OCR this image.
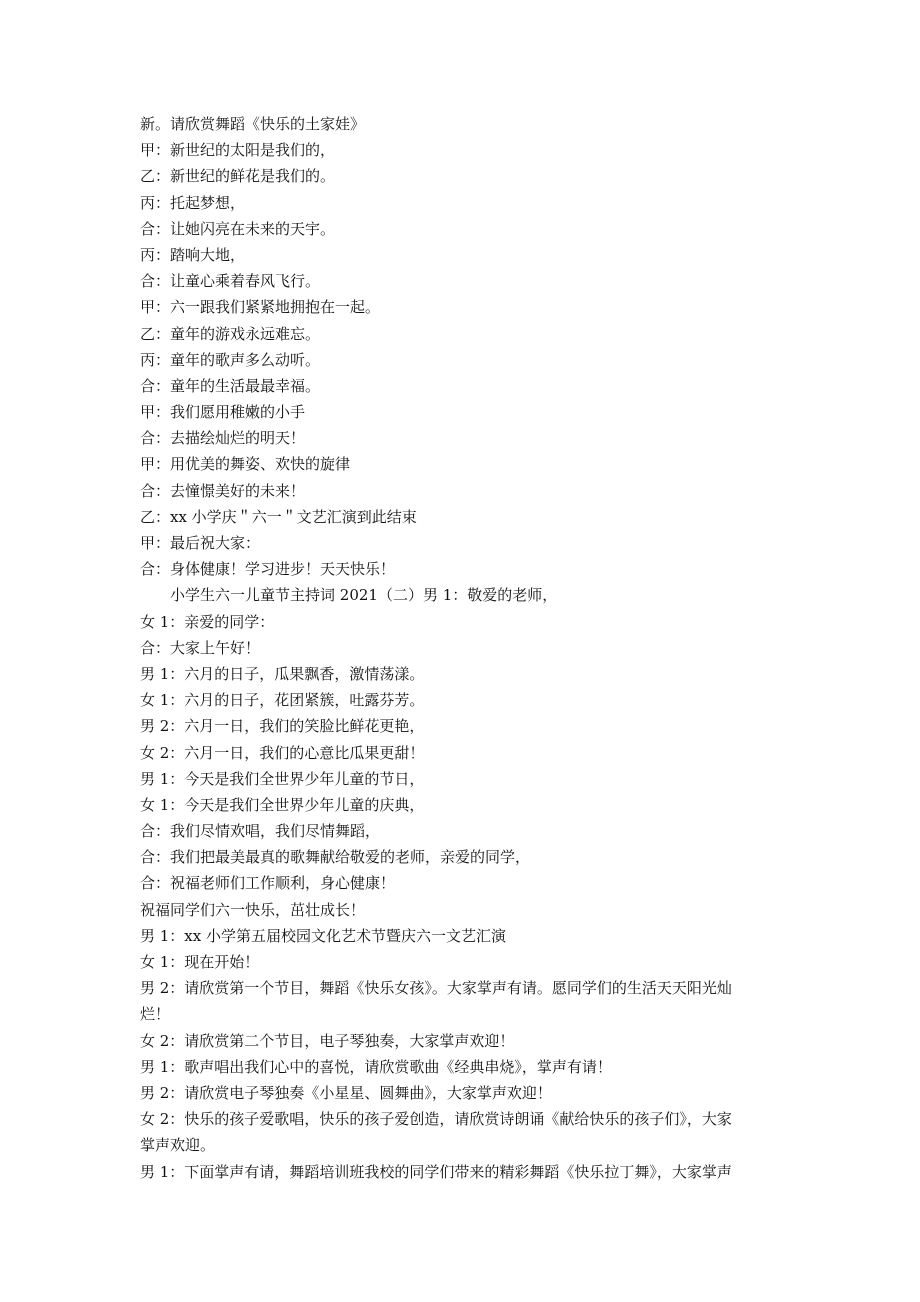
新。请欣赏舞蹈《快乐的土家娃》
甲：新世纪的太阳是我们的，
乙：新世纪的鲜花是我们的。
丙：托起梦想，
合：让她闪亮在未来的天宇。
丙：踏响大地，
合：让童心乘着春风飞行。
甲：六一跟我们紧紧地拥抱在一起。
乙：童年的游戏永远难忘。
丙：童年的歌声多么动听。
合：童年的生活最最幸福。
甲：我们愿用稚嫩的小手
合：去描绘灿烂的明天！
甲：用优美的舞姿、欢快的旋律
合：去憧憬美好的未来！
乙：xx 小学庆＂六一＂文艺汇演到此结束
甲：最后祝大家：
合：身体健康！学习进步！天天快乐！
小学生六一儿童节主持词 2021（二）男 1：敬爱的老师，
女 1：亲爱的同学：
合：大家上午好！
男 1：六月的日子，瓜果飘香，激情荡漾。
女 1：六月的日子，花团紧簇，吐露芬芳。
男 2：六月一日，我们的笑脸比鲜花更艳，
女 2：六月一日，我们的心意比瓜果更甜！
男 1：今天是我们全世界少年儿童的节日，
女 1：今天是我们全世界少年儿童的庆典，
合：我们尽情欢唱，我们尽情舞蹈，
合：我们把最美最真的歌舞献给敬爱的老师，亲爱的同学，
合：祝福老师们工作顺利，身心健康！
祝福同学们六一快乐，茁壮成长！
男 1：xx 小学第五届校园文化艺术节暨庆六一文艺汇演
女 1：现在开始！
男 2：请欣赏第一个节目，舞蹈《快乐女孩》。大家掌声有请。愿同学们的生活天天阳光灿
烂！
女 2：请欣赏第二个节目，电子琴独奏，大家掌声欢迎！
男 1：歌声唱出我们心中的喜悦，请欣赏歌曲《经典串烧》，掌声有请！
男 2：请欣赏电子琴独奏《小星星、圆舞曲》，大家掌声欢迎！
女 2：快乐的孩子爱歌唱，快乐的孩子爱创造，请欣赏诗朗诵《献给快乐的孩子们》，大家
掌声欢迎。
男 1：下面掌声有请，舞蹈培训班我校的同学们带来的精彩舞蹈《快乐拉丁舞》，大家掌声
